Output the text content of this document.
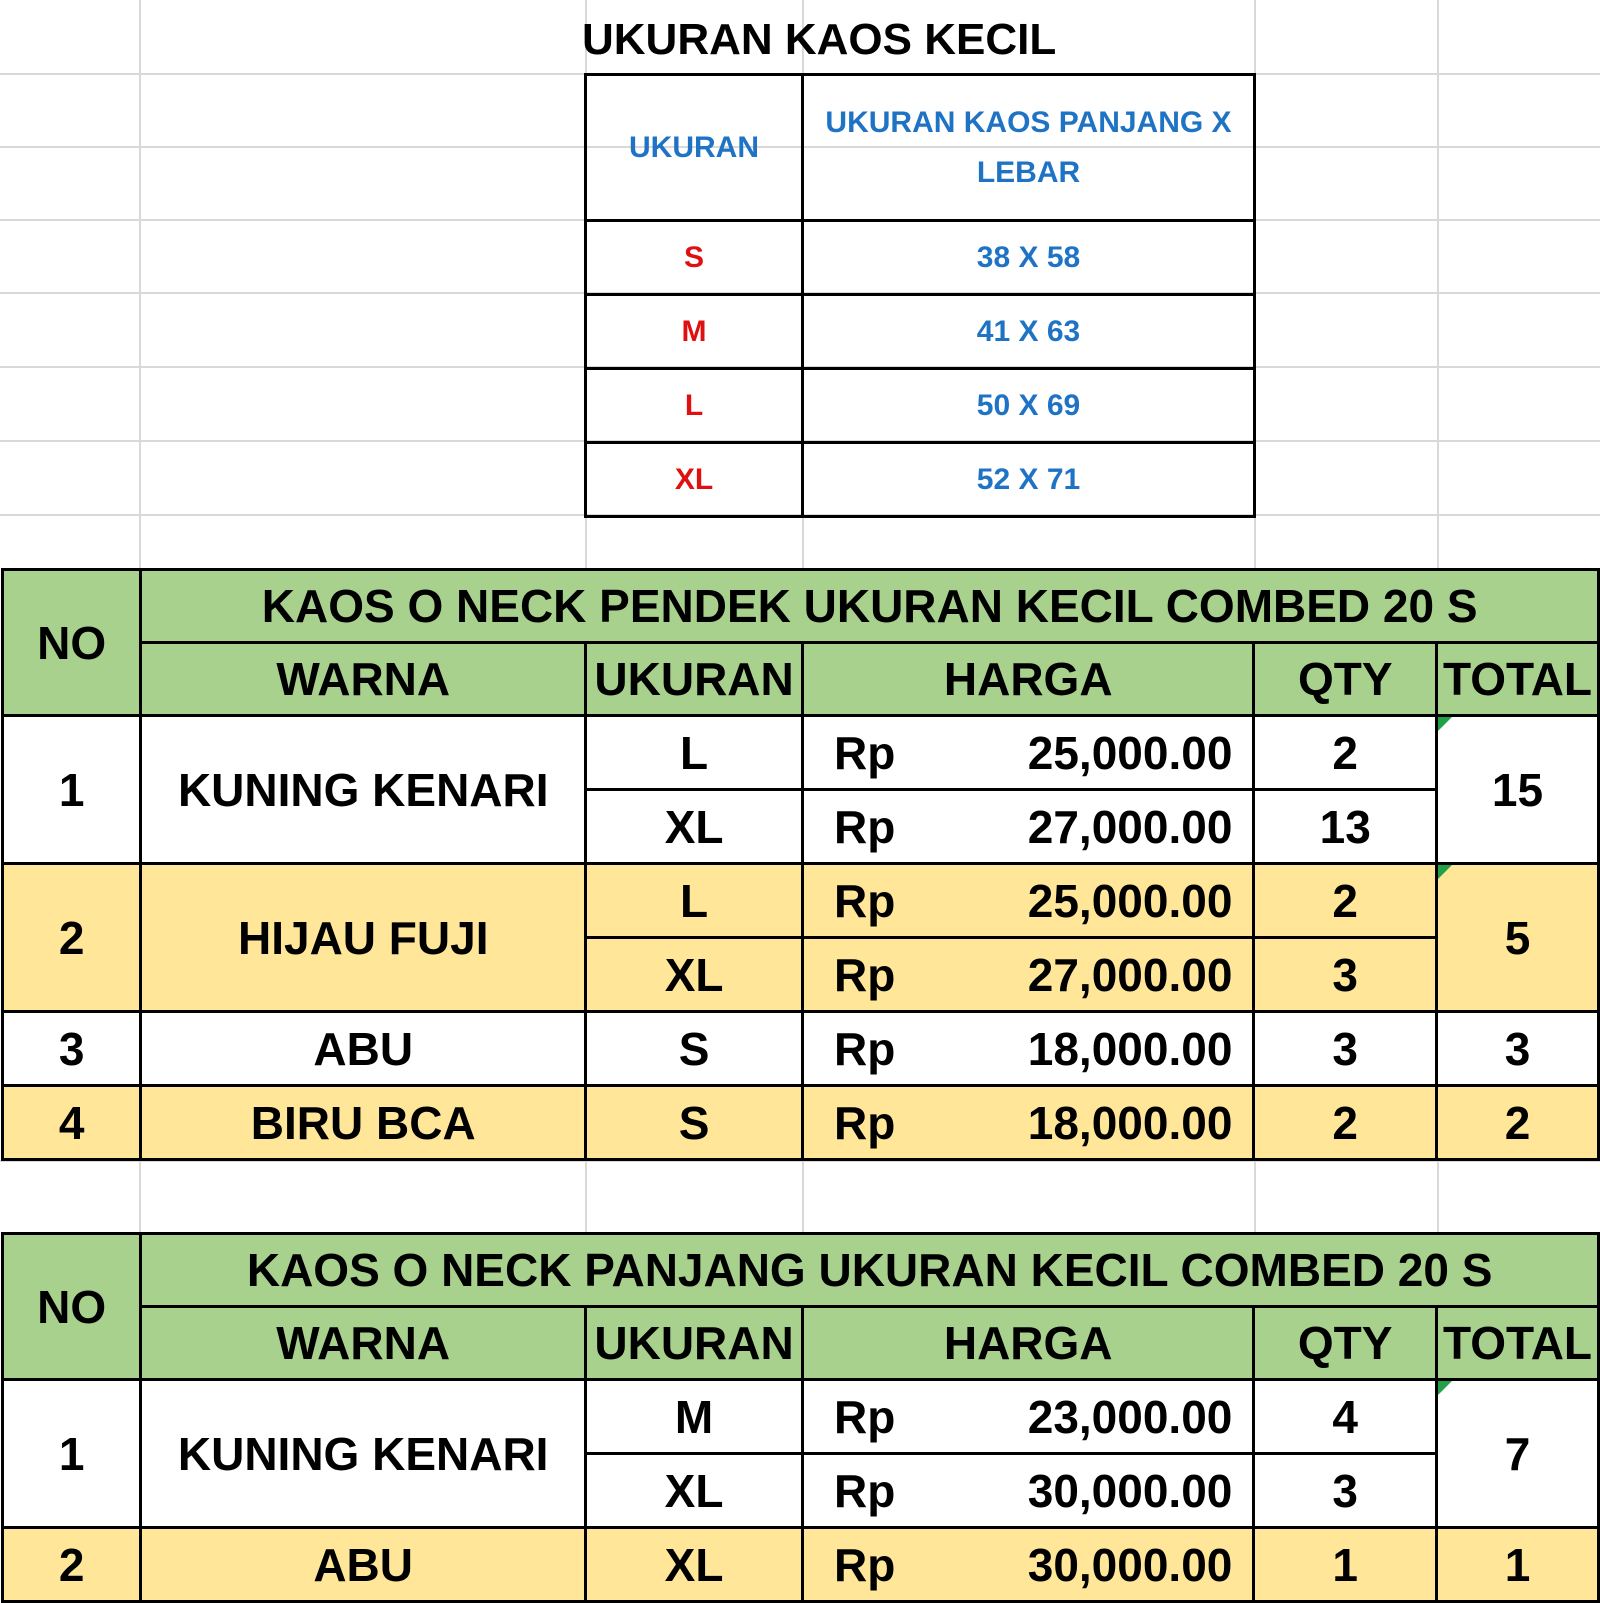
UKURAN KAOS KECIL
UKURAN	UKURAN KAOS PANJANG X LEBAR
S	38 X 58
M	41 X 63
L	50 X 69
XL	52 X 71
NO	KAOS O NECK PENDEK UKURAN KECIL COMBED 20 S				
	WARNA	UKURAN	HARGA	QTY	TOTAL
1	KUNING KENARI	L	Rp 25,000.00	2	15
		XL	Rp 27,000.00	13	
2	HIJAU FUJI	L	Rp 25,000.00	2	5
		XL	Rp 27,000.00	3	
3	ABU	S	Rp 18,000.00	3	3
4	BIRU BCA	S	Rp 18,000.00	2	2
NO	KAOS O NECK PANJANG UKURAN KECIL COMBED 20 S				
	WARNA	UKURAN	HARGA	QTY	TOTAL
1	KUNING KENARI	M	Rp 23,000.00	4	7
		XL	Rp 30,000.00	3	
2	ABU	XL	Rp 30,000.00	1	1
